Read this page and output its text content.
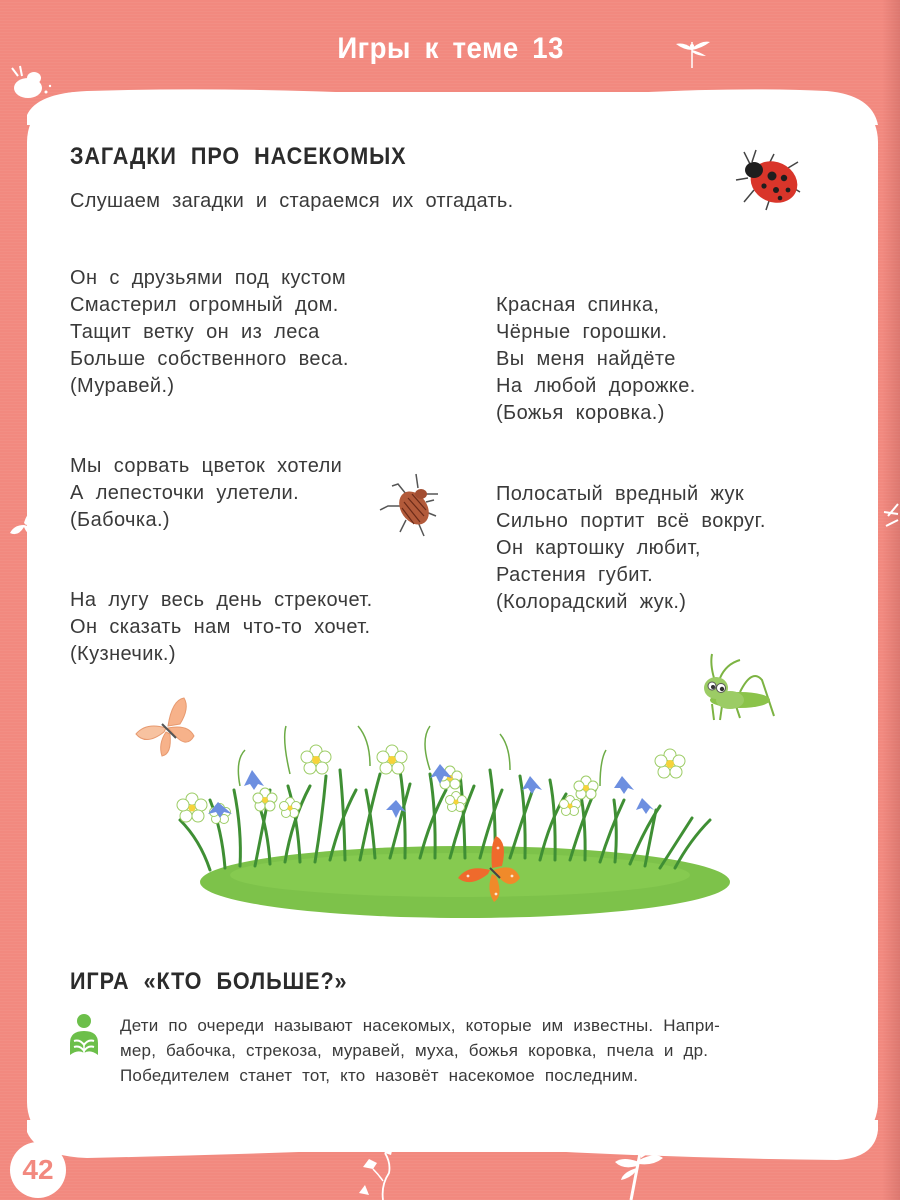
Игры к теме 13
ЗАГАДКИ ПРО НАСЕКОМЫХ
Слушаем загадки и стараемся их отгадать.
Он с друзьями под кустом
Смастерил огромный дом.
Тащит ветку он из леса
Больше собственного веса.
(Муравей.)
Красная спинка,
Чёрные горошки.
Вы меня найдёте
На любой дорожке.
(Божья коровка.)
Мы сорвать цветок хотели
А лепесточки улетели.
(Бабочка.)
Полосатый вредный жук
Сильно портит всё вокруг.
Он картошку любит,
Растения губит.
(Колорадский жук.)
На лугу весь день стрекочет.
Он сказать нам что-то хочет.
(Кузнечик.)
ИГРА «КТО БОЛЬШЕ?»
Дети по очереди называют насекомых, которые им известны. Напри-
мер, бабочка, стрекоза, муравей, муха, божья коровка, пчела и др.
Победителем станет тот, кто назовёт насекомое последним.
42
